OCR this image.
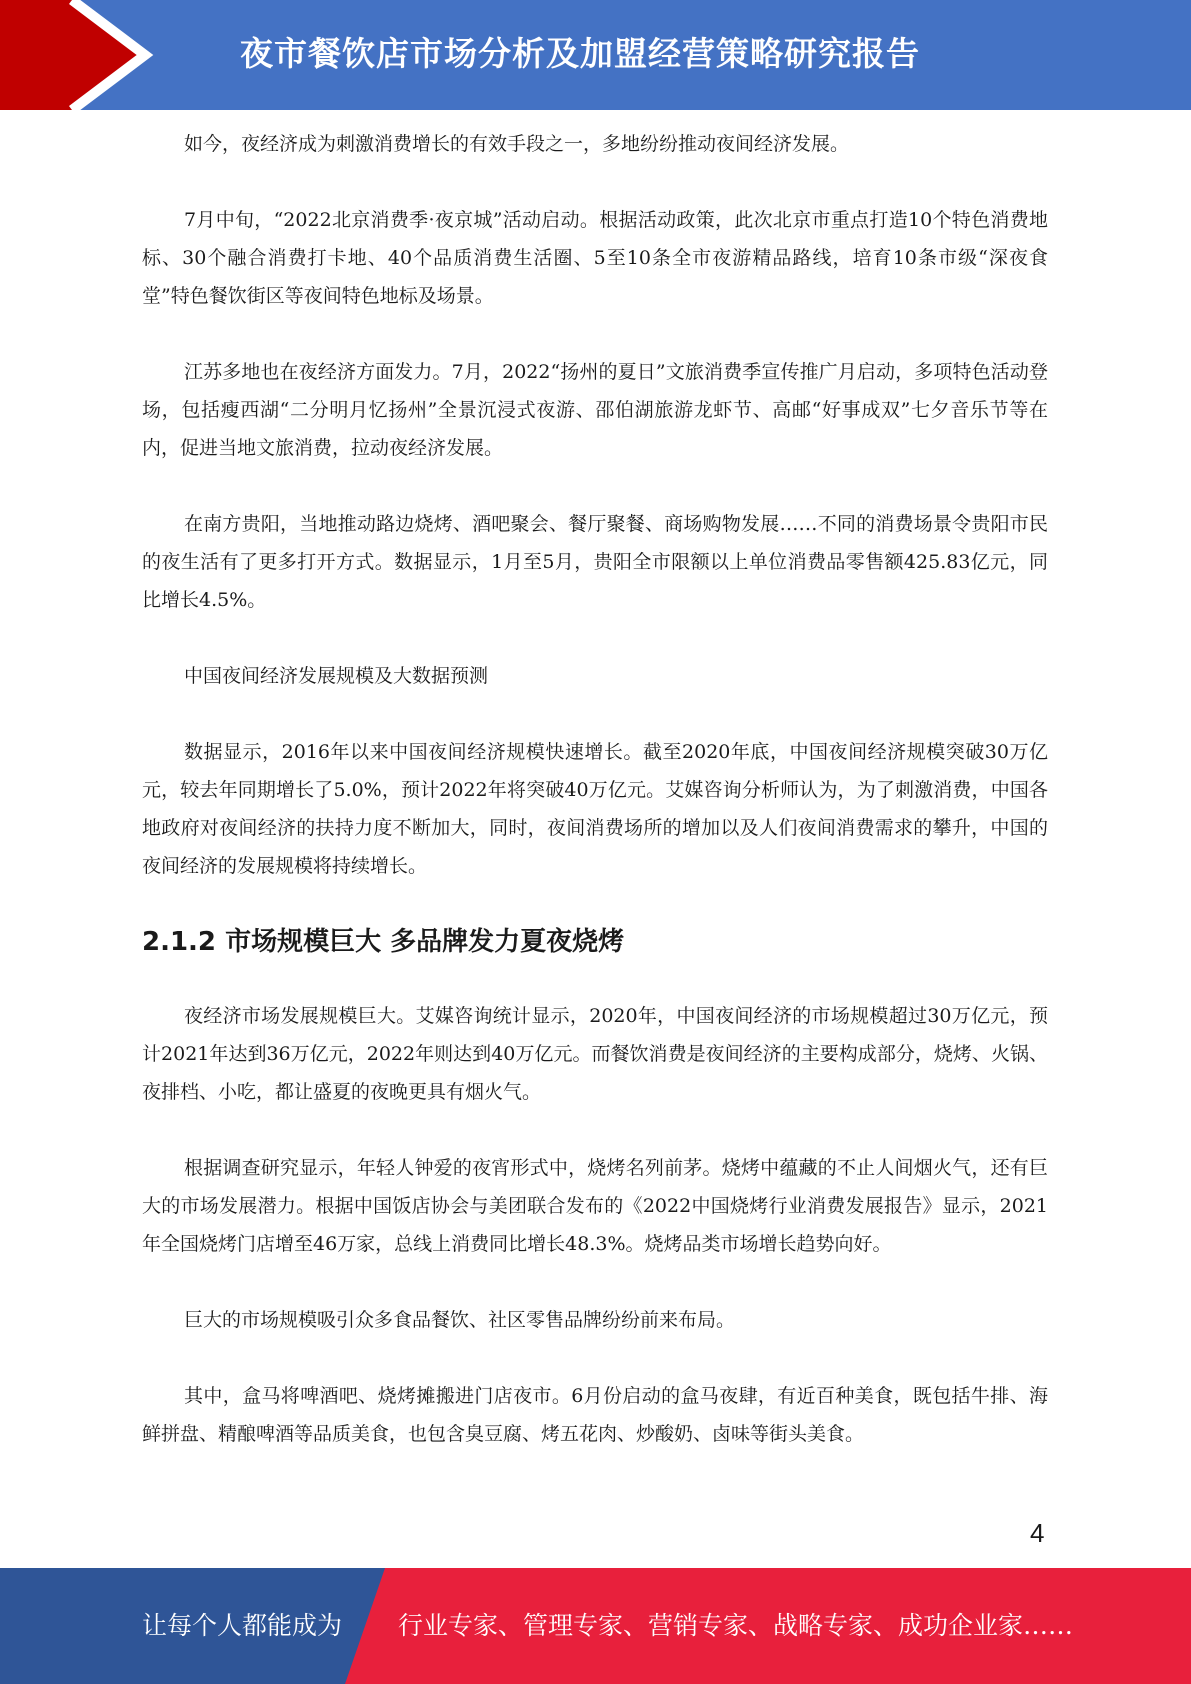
夜市餐饮店市场分析及加盟经营策略研究报告

如今，夜经济成为刺激消费增长的有效手段之一，多地纷纷推动夜间经济发展。

7月中旬，“2022北京消费季·夜京城”活动启动。根据活动政策，此次北京市重点打造10个特色消费地标、30个融合消费打卡地、40个品质消费生活圈、5至10条全市夜游精品路线，培育10条市级“深夜食堂”特色餐饮街区等夜间特色地标及场景。

江苏多地也在夜经济方面发力。7月，2022“扬州的夏日”文旅消费季宣传推广月启动，多项特色活动登场，包括瘦西湖“二分明月忆扬州”全景沉浸式夜游、邵伯湖旅游龙虾节、高邮“好事成双”七夕音乐节等在内，促进当地文旅消费，拉动夜经济发展。

在南方贵阳，当地推动路边烧烤、酒吧聚会、餐厅聚餐、商场购物发展……不同的消费场景令贵阳市民的夜生活有了更多打开方式。数据显示，1月至5月，贵阳全市限额以上单位消费品零售额425.83亿元，同比增长4.5%。

中国夜间经济发展规模及大数据预测

数据显示，2016年以来中国夜间经济规模快速增长。截至2020年底，中国夜间经济规模突破30万亿元，较去年同期增长了5.0%，预计2022年将突破40万亿元。艾媒咨询分析师认为，为了刺激消费，中国各地政府对夜间经济的扶持力度不断加大，同时，夜间消费场所的增加以及人们夜间消费需求的攀升，中国的夜间经济的发展规模将持续增长。

2.1.2 市场规模巨大 多品牌发力夏夜烧烤

夜经济市场发展规模巨大。艾媒咨询统计显示，2020年，中国夜间经济的市场规模超过30万亿元，预计2021年达到36万亿元，2022年则达到40万亿元。而餐饮消费是夜间经济的主要构成部分，烧烤、火锅、夜排档、小吃，都让盛夏的夜晚更具有烟火气。

根据调查研究显示，年轻人钟爱的夜宵形式中，烧烤名列前茅。烧烤中蕴藏的不止人间烟火气，还有巨大的市场发展潜力。根据中国饭店协会与美团联合发布的《2022中国烧烤行业消费发展报告》显示，2021年全国烧烤门店增至46万家，总线上消费同比增长48.3%。烧烤品类市场增长趋势向好。

巨大的市场规模吸引众多食品餐饮、社区零售品牌纷纷前来布局。

其中，盒马将啤酒吧、烧烤摊搬进门店夜市。6月份启动的盒马夜肆，有近百种美食，既包括牛排、海鲜拼盘、精酿啤酒等品质美食，也包含臭豆腐、烤五花肉、炒酸奶、卤味等街头美食。

4
让每个人都能成为 行业专家、管理专家、营销专家、战略专家、成功企业家……
